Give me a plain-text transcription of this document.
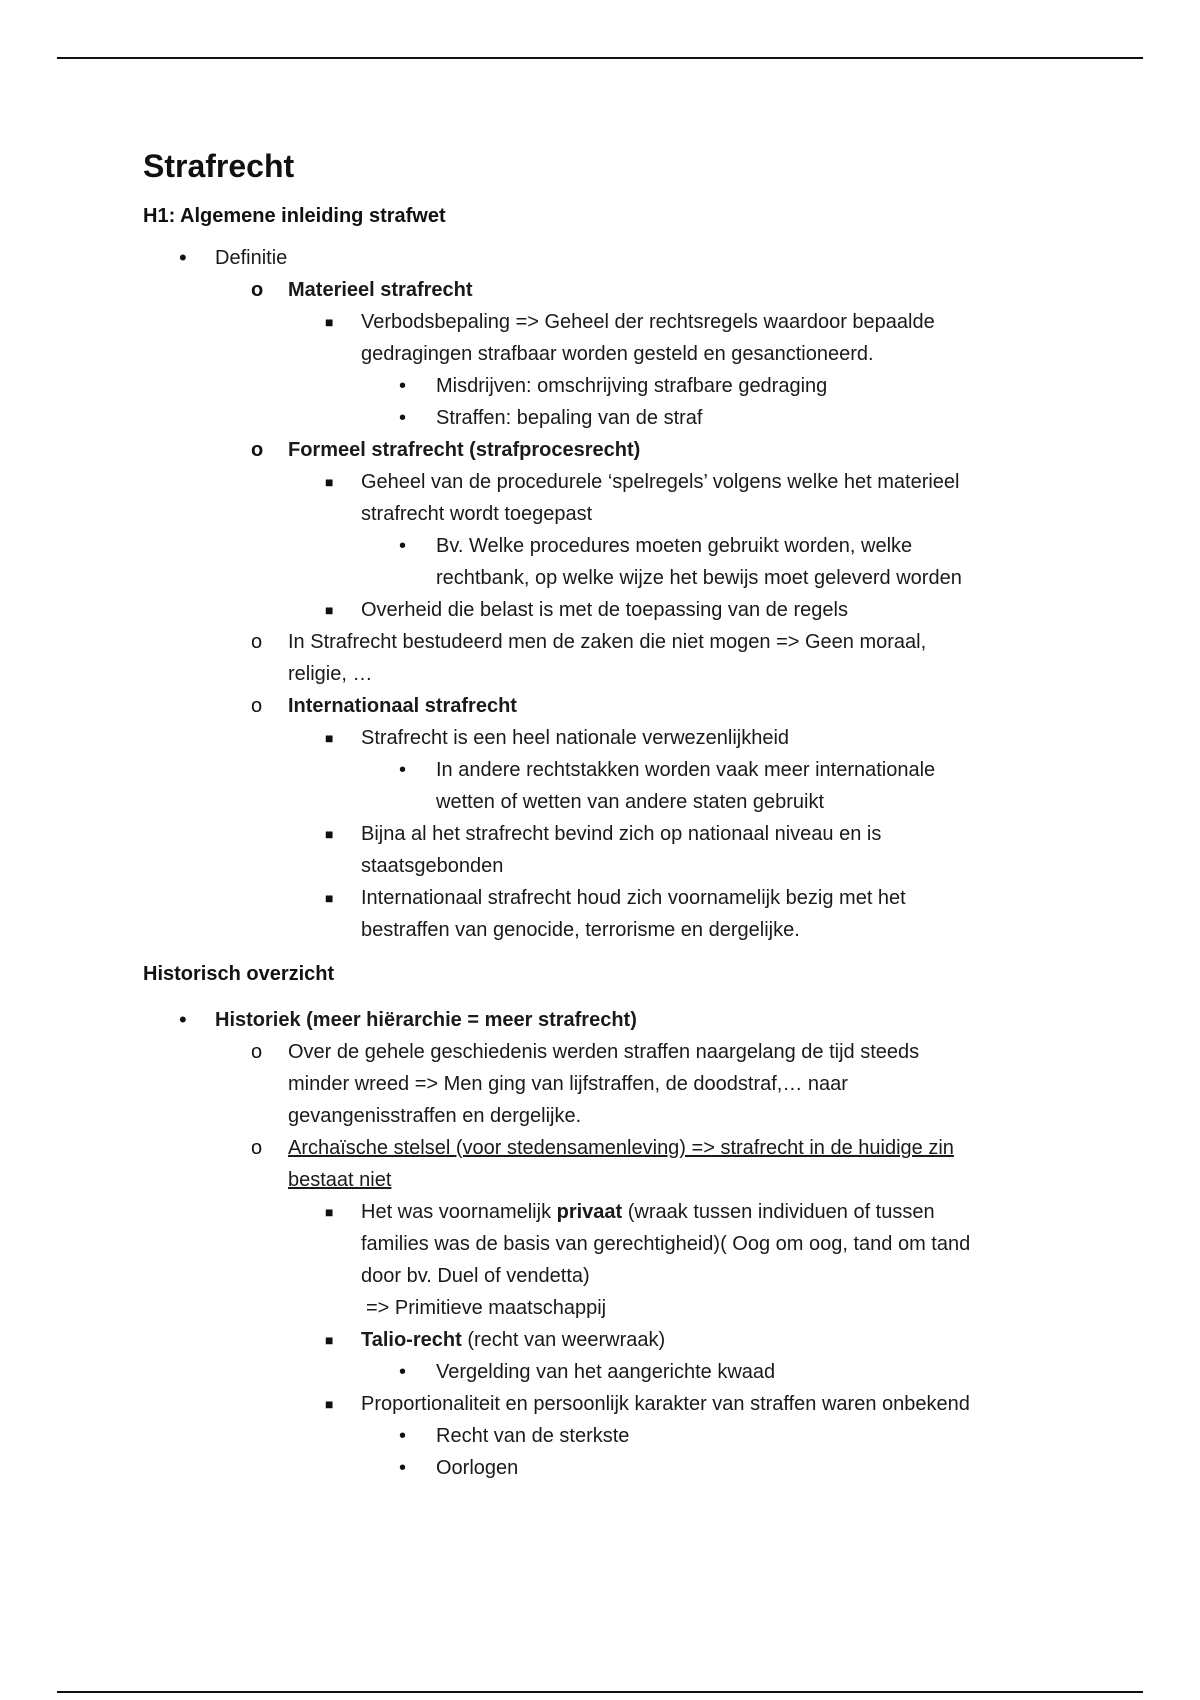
Strafrecht

H1: Algemene inleiding strafwet

• Definitie
o Materieel strafrecht
■ Verbodsbepaling => Geheel der rechtsregels waardoor bepaalde
gedragingen strafbaar worden gesteld en gesanctioneerd.
• Misdrijven: omschrijving strafbare gedraging
• Straffen: bepaling van de straf
o Formeel strafrecht (strafprocesrecht)
■ Geheel van de procedurele ‘spelregels’ volgens welke het materieel
strafrecht wordt toegepast
• Bv. Welke procedures moeten gebruikt worden, welke
rechtbank, op welke wijze het bewijs moet geleverd worden
■ Overheid die belast is met de toepassing van de regels
o In Strafrecht bestudeerd men de zaken die niet mogen => Geen moraal,
religie, …
o Internationaal strafrecht
■ Strafrecht is een heel nationale verwezenlijkheid
• In andere rechtstakken worden vaak meer internationale
wetten of wetten van andere staten gebruikt
■ Bijna al het strafrecht bevind zich op nationaal niveau en is
staatsgebonden
■ Internationaal strafrecht houd zich voornamelijk bezig met het
bestraffen van genocide, terrorisme en dergelijke.

Historisch overzicht

• Historiek (meer hiërarchie = meer strafrecht)
o Over de gehele geschiedenis werden straffen naargelang de tijd steeds
minder wreed => Men ging van lijfstraffen, de doodstraf,… naar
gevangenisstraffen en dergelijke.
o Archaïsche stelsel (voor stedensamenleving) => strafrecht in de huidige zin
bestaat niet
■ Het was voornamelijk privaat (wraak tussen individuen of tussen
families was de basis van gerechtigheid)( Oog om oog, tand om tand
door bv. Duel of vendetta)
=> Primitieve maatschappij
■ Talio-recht (recht van weerwraak)
• Vergelding van het aangerichte kwaad
■ Proportionaliteit en persoonlijk karakter van straffen waren onbekend
• Recht van de sterkste
• Oorlogen
